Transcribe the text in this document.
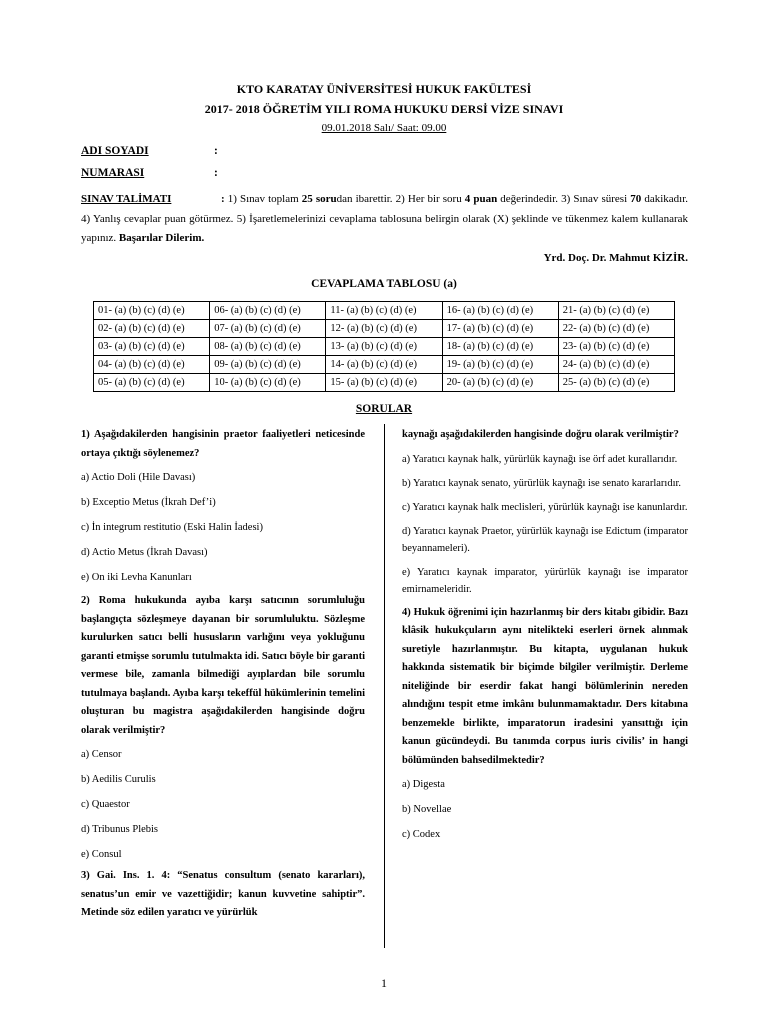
KTO KARATAY ÜNİVERSİTESİ HUKUK FAKÜLTESİ
2017- 2018 ÖĞRETİM YILI ROMA HUKUKU DERSİ VİZE SINAVI
09.01.2018 Salı/ Saat: 09.00
ADI SOYADI	:
NUMARASI	:
SINAV TALİMATI	: 1) Sınav toplam 25 sorudan ibarettir. 2) Her bir soru 4 puan değerindedir. 3) Sınav süresi 70 dakikadır. 4) Yanlış cevaplar puan götürmez. 5) İşaretlemelerinizi cevaplama tablosuna belirgin olarak (X) şeklinde ve tükenmez kalem kullanarak yapınız. Başarılar Dilerim.
Yrd. Doç. Dr. Mahmut KİZİR.
CEVAPLAMA TABLOSU (a)
01- (a) (b) (c) (d) (e)	06- (a) (b) (c) (d) (e)	11- (a) (b) (c) (d) (e)	16- (a) (b) (c) (d) (e)	21- (a) (b) (c) (d) (e)
02- (a) (b) (c) (d) (e)	07- (a) (b) (c) (d) (e)	12- (a) (b) (c) (d) (e)	17- (a) (b) (c) (d) (e)	22- (a) (b) (c) (d) (e)
03- (a) (b) (c) (d) (e)	08- (a) (b) (c) (d) (e)	13- (a) (b) (c) (d) (e)	18- (a) (b) (c) (d) (e)	23- (a) (b) (c) (d) (e)
04- (a) (b) (c) (d) (e)	09- (a) (b) (c) (d) (e)	14- (a) (b) (c) (d) (e)	19- (a) (b) (c) (d) (e)	24- (a) (b) (c) (d) (e)
05- (a) (b) (c) (d) (e)	10- (a) (b) (c) (d) (e)	15- (a) (b) (c) (d) (e)	20- (a) (b) (c) (d) (e)	25- (a) (b) (c) (d) (e)
SORULAR

1) Aşağıdakilerden hangisinin praetor faaliyetleri neticesinde ortaya çıktığı söylenemez?

a) Actio Doli (Hile Davası)

b) Exceptio Metus (İkrah Def’i)

c) İn integrum restitutio (Eski Halin İadesi)

d) Actio Metus (İkrah Davası)

e) On iki Levha Kanunları

2) Roma hukukunda ayıba karşı satıcının sorumluluğu başlangıçta sözleşmeye dayanan bir sorumluluktu. Sözleşme kurulurken satıcı belli hususların varlığını veya yokluğunu garanti etmişse sorumlu tutulmakta idi. Satıcı böyle bir garanti vermese bile, zamanla bilmediği ayıplardan bile sorumlu tutulmaya başlandı. Ayıba karşı tekeffül hükümlerinin temelini oluşturan bu magistra aşağıdakilerden hangisinde doğru olarak verilmiştir?

a) Censor

b) Aedilis Curulis

c) Quaestor

d) Tribunus Plebis

e) Consul

3) Gai. Ins. 1. 4: “Senatus consultum (senato kararları), senatus’un emir ve vazettiğidir; kanun kuvvetine sahiptir”. Metinde söz edilen yaratıcı ve yürürlük

kaynağı aşağıdakilerden hangisinde doğru olarak verilmiştir?

a) Yaratıcı kaynak halk, yürürlük kaynağı ise örf adet kurallarıdır.

b) Yaratıcı kaynak senato, yürürlük kaynağı ise senato kararlarıdır.

c) Yaratıcı kaynak halk meclisleri, yürürlük kaynağı ise kanunlardır.

d) Yaratıcı kaynak Praetor, yürürlük kaynağı ise Edictum (imparator beyannameleri).

e) Yaratıcı kaynak imparator, yürürlük kaynağı ise imparator emirnameleridir.

4) Hukuk öğrenimi için hazırlanmış bir ders kitabı gibidir. Bazı klâsik hukukçuların aynı nitelikteki eserleri örnek alınmak suretiyle hazırlanmıştır. Bu kitapta, uygulanan hukuk hakkında sistematik bir biçimde bilgiler verilmiştir. Derleme niteliğinde bir eserdir fakat hangi bölümlerinin nereden alındığını tespit etme imkânı bulunmamaktadır. Ders kitabına benzemekle birlikte, imparatorun iradesini yansıttığı için kanun gücündeydi. Bu tanımda corpus iuris civilis’ in hangi bölümünden bahsedilmektedir?

a) Digesta

b) Novellae

c) Codex

1
